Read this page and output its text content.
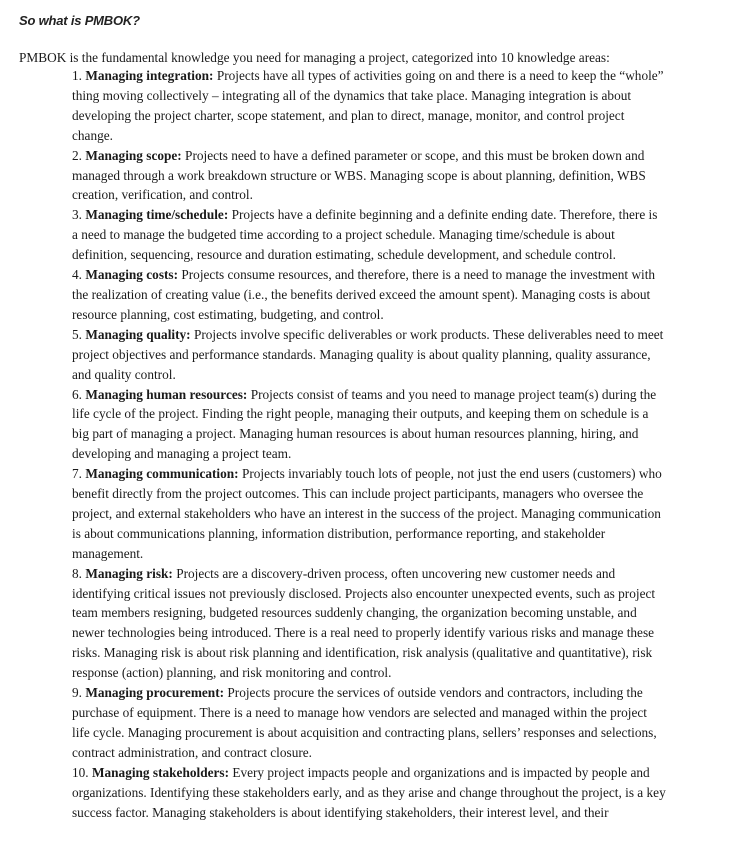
So what is PMBOK?

PMBOK is the fundamental knowledge you need for managing a project, categorized into 10 knowledge areas:

1. Managing integration: Projects have all types of activities going on and there is a need to keep the “whole” thing moving collectively – integrating all of the dynamics that take place. Managing integration is about developing the project charter, scope statement, and plan to direct, manage, monitor, and control project change.
2. Managing scope: Projects need to have a defined parameter or scope, and this must be broken down and managed through a work breakdown structure or WBS. Managing scope is about planning, definition, WBS creation, verification, and control.
3. Managing time/schedule: Projects have a definite beginning and a definite ending date. Therefore, there is a need to manage the budgeted time according to a project schedule. Managing time/schedule is about definition, sequencing, resource and duration estimating, schedule development, and schedule control.
4. Managing costs: Projects consume resources, and therefore, there is a need to manage the investment with the realization of creating value (i.e., the benefits derived exceed the amount spent). Managing costs is about resource planning, cost estimating, budgeting, and control.
5. Managing quality: Projects involve specific deliverables or work products. These deliverables need to meet project objectives and performance standards. Managing quality is about quality planning, quality assurance, and quality control.
6. Managing human resources: Projects consist of teams and you need to manage project team(s) during the life cycle of the project. Finding the right people, managing their outputs, and keeping them on schedule is a big part of managing a project. Managing human resources is about human resources planning, hiring, and developing and managing a project team.
7. Managing communication: Projects invariably touch lots of people, not just the end users (customers) who benefit directly from the project outcomes. This can include project participants, managers who oversee the project, and external stakeholders who have an interest in the success of the project. Managing communication is about communications planning, information distribution, performance reporting, and stakeholder management.
8. Managing risk: Projects are a discovery-driven process, often uncovering new customer needs and identifying critical issues not previously disclosed. Projects also encounter unexpected events, such as project team members resigning, budgeted resources suddenly changing, the organization becoming unstable, and newer technologies being introduced. There is a real need to properly identify various risks and manage these risks. Managing risk is about risk planning and identification, risk analysis (qualitative and quantitative), risk response (action) planning, and risk monitoring and control.
9. Managing procurement: Projects procure the services of outside vendors and contractors, including the purchase of equipment. There is a need to manage how vendors are selected and managed within the project life cycle. Managing procurement is about acquisition and contracting plans, sellers’ responses and selections, contract administration, and contract closure.
10. Managing stakeholders: Every project impacts people and organizations and is impacted by people and organizations. Identifying these stakeholders early, and as they arise and change throughout the project, is a key success factor. Managing stakeholders is about identifying stakeholders, their interest level, and their
